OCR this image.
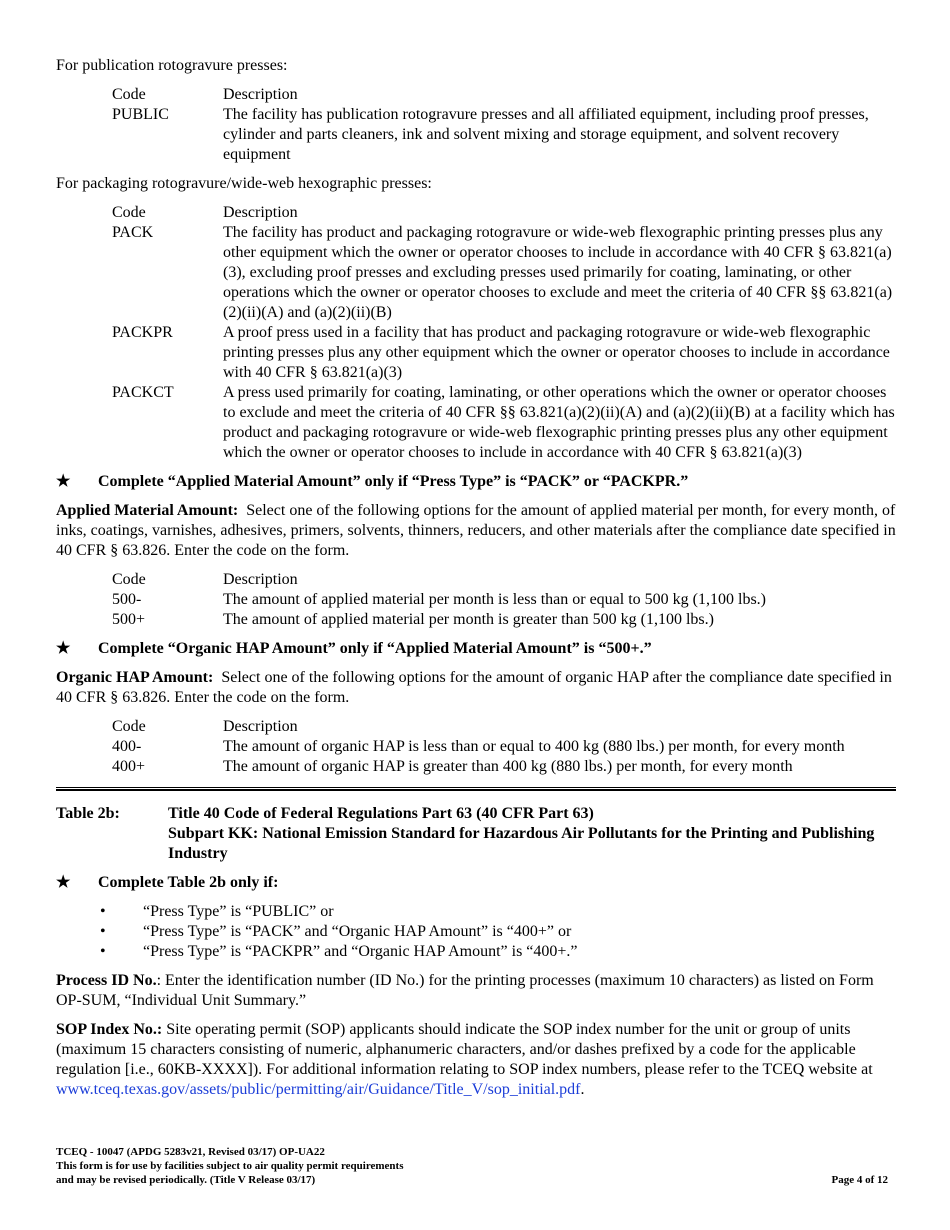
For publication rotogravure presses:
Code	Description
PUBLIC	The facility has publication rotogravure presses and all affiliated equipment, including proof presses, cylinder and parts cleaners, ink and solvent mixing and storage equipment, and solvent recovery equipment
For packaging rotogravure/wide-web hexographic presses:
Code	Description
PACK	The facility has product and packaging rotogravure or wide-web flexographic printing presses plus any other equipment which the owner or operator chooses to include in accordance with 40 CFR § 63.821(a)(3), excluding proof presses and excluding presses used primarily for coating, laminating, or other operations which the owner or operator chooses to exclude and meet the criteria of 40 CFR §§ 63.821(a)(2)(ii)(A) and (a)(2)(ii)(B)
PACKPR	A proof press used in a facility that has product and packaging rotogravure or wide-web flexographic printing presses plus any other equipment which the owner or operator chooses to include in accordance with 40 CFR § 63.821(a)(3)
PACKCT	A press used primarily for coating, laminating, or other operations which the owner or operator chooses to exclude and meet the criteria of 40 CFR §§ 63.821(a)(2)(ii)(A) and (a)(2)(ii)(B) at a facility which has product and packaging rotogravure or wide-web flexographic printing presses plus any other equipment which the owner or operator chooses to include in accordance with 40 CFR § 63.821(a)(3)
★	Complete “Applied Material Amount” only if “Press Type” is “PACK” or “PACKPR.”
Applied Material Amount: Select one of the following options for the amount of applied material per month, for every month, of inks, coatings, varnishes, adhesives, primers, solvents, thinners, reducers, and other materials after the compliance date specified in 40 CFR § 63.826. Enter the code on the form.
Code	Description
500-	The amount of applied material per month is less than or equal to 500 kg (1,100 lbs.)
500+	The amount of applied material per month is greater than 500 kg (1,100 lbs.)
★	Complete “Organic HAP Amount” only if “Applied Material Amount” is “500+.”
Organic HAP Amount: Select one of the following options for the amount of organic HAP after the compliance date specified in 40 CFR § 63.826. Enter the code on the form.
Code	Description
400-	The amount of organic HAP is less than or equal to 400 kg (880 lbs.) per month, for every month
400+	The amount of organic HAP is greater than 400 kg (880 lbs.) per month, for every month
Table 2b:	Title 40 Code of Federal Regulations Part 63 (40 CFR Part 63)
Subpart KK: National Emission Standard for Hazardous Air Pollutants for the Printing and Publishing Industry
★	Complete Table 2b only if:
•	“Press Type” is “PUBLIC” or
•	“Press Type” is “PACK” and “Organic HAP Amount” is “400+” or
•	“Press Type” is “PACKPR” and “Organic HAP Amount” is “400+.”
Process ID No.: Enter the identification number (ID No.) for the printing processes (maximum 10 characters) as listed on Form OP-SUM, “Individual Unit Summary.”
SOP Index No.: Site operating permit (SOP) applicants should indicate the SOP index number for the unit or group of units (maximum 15 characters consisting of numeric, alphanumeric characters, and/or dashes prefixed by a code for the applicable regulation [i.e., 60KB-XXXX]). For additional information relating to SOP index numbers, please refer to the TCEQ website at www.tceq.texas.gov/assets/public/permitting/air/Guidance/Title_V/sop_initial.pdf.
TCEQ - 10047 (APDG 5283v21, Revised 03/17) OP-UA22
This form is for use by facilities subject to air quality permit requirements
and may be revised periodically. (Title V Release 03/17)	Page 4 of 12
